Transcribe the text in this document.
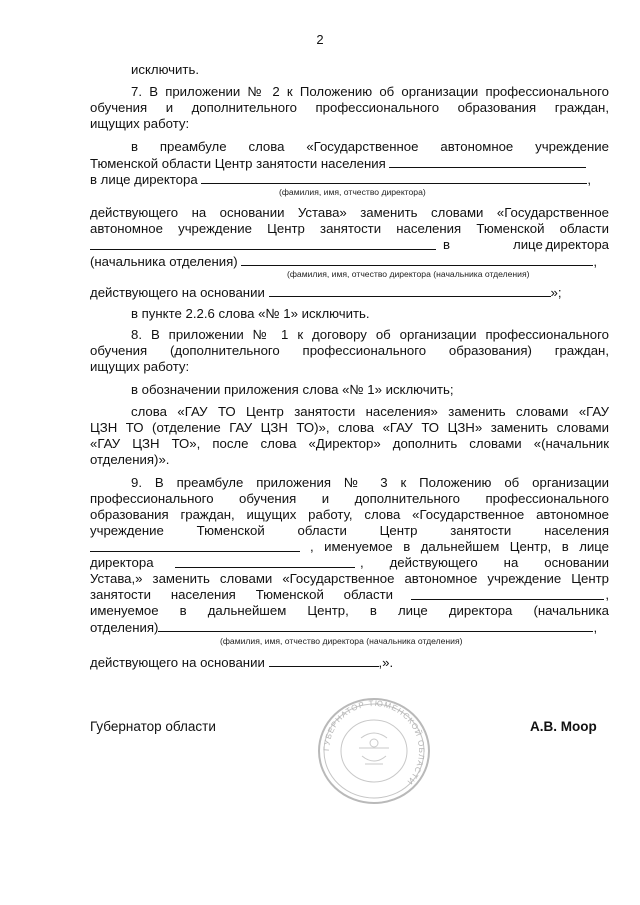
2
исключить.
7. В приложении № 2 к Положению об организации профессионального
обучения и дополнительного профессионального образования граждан,
ищущих работу:
в преамбуле слова «Государственное автономное учреждение
Тюменской области Центр занятости населения
в лице директора	,
(фамилия, имя, отчество директора)
действующего на основании Устава» заменить словами «Государственное
автономное учреждение Центр занятости населения Тюменской области
в	лице директора
(начальника отделения)	,
(фамилия, имя, отчество директора (начальника отделения)
действующего на основании	»;
в пункте 2.2.6 слова «№ 1» исключить.
8. В приложении № 1 к договору об организации профессионального
обучения (дополнительного профессионального образования) граждан,
ищущих работу:
в обозначении приложения слова «№ 1» исключить;
слова «ГАУ ТО Центр занятости населения» заменить словами «ГАУ
ЦЗН ТО (отделение ГАУ ЦЗН ТО)», слова «ГАУ ТО ЦЗН» заменить словами
«ГАУ ЦЗН ТО», после слова «Директор» дополнить словами «(начальник
отделения)».
9. В преамбуле приложения № 3 к Положению об организации
профессионального обучения и дополнительного профессионального
образования граждан, ищущих работу, слова «Государственное автономное
учреждение Тюменской области Центр занятости населения
, именуемое в дальнейшем Центр, в лице
директора	, действующего на основании
Устава,» заменить словами «Государственное автономное учреждение Центр
занятости населения Тюменской области	,
именуемое в дальнейшем Центр, в лице директора (начальника
отделения)	,
(фамилия, имя, отчество директора (начальника отделения)
действующего на основании	,».
Губернатор области	А.В. Моор
ГУБЕРНАТОР ТЮМЕНСКОЙ ОБЛАСТИ
